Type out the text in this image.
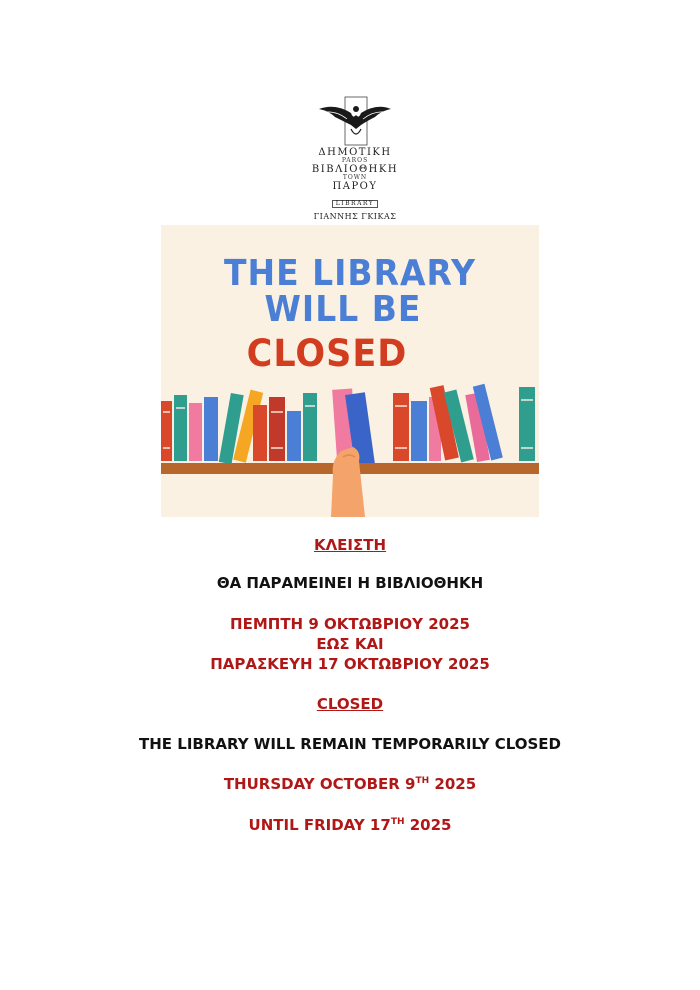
ΔΗΜΟΤΙΚΗ
PAROS
ΒΙΒΛΙΟΘΗΚΗ
TOWN
ΠΑΡΟΥ
LIBRARY
ΓΙΑΝΝΗΣ ΓΚΙΚΑΣ
THE LIBRARY
WILL BE
CLOSED
ΚΛΕΙΣΤΗ
ΘΑ ΠΑΡΑΜΕΙΝΕΙ Η ΒΙΒΛΙΟΘΗΚΗ
ΠΕΜΠΤΗ 9 ΟΚΤΩΒΡΙΟΥ 2025
ΕΩΣ ΚΑΙ
ΠΑΡΑΣΚΕΥΗ 17 ΟΚΤΩΒΡΙΟΥ 2025
CLOSED
THE LIBRARY WILL REMAIN TEMPORARILY CLOSED
THURSDAY OCTOBER 9TH 2025
UNTIL FRIDAY 17TH 2025
